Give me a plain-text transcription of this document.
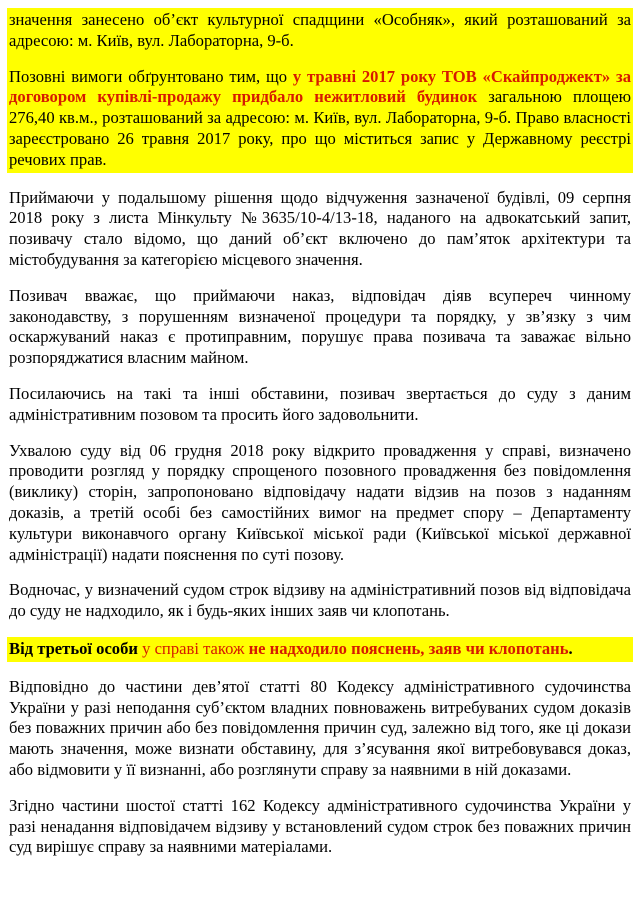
значення занесено об’єкт культурної спадщини «Особняк», який розташований за адресою: м. Київ, вул. Лабораторна, 9-б.

Позовні вимоги обґрунтовано тим, що у травні 2017 року ТОВ «Скайпроджект» за договором купівлі-продажу придбало нежитловий будинок загальною площею 276,40 кв.м., розташований за адресою: м. Київ, вул. Лабораторна, 9-б. Право власності зареєстровано 26 травня 2017 року, про що міститься запис у Державному реєстрі речових прав.

Приймаючи у подальшому рішення щодо відчуження зазначеної будівлі, 09 серпня 2018 року з листа Мінкульту №3635/10-4/13-18, наданого на адвокатський запит, позивачу стало відомо, що даний об’єкт включено до пам’яток архітектури та містобудування за категорією місцевого значення.

Позивач вважає, що приймаючи наказ, відповідач діяв всупереч чинному законодавству, з порушенням визначеної процедури та порядку, у зв’язку з чим оскаржуваний наказ є протиправним, порушує права позивача та заважає вільно розпоряджатися власним майном.

Посилаючись на такі та інші обставини, позивач звертається до суду з даним адміністративним позовом та просить його задовольнити.

Ухвалою суду від 06 грудня 2018 року відкрито провадження у справі, визначено проводити розгляд у порядку спрощеного позовного провадження без повідомлення (виклику) сторін, запропоновано відповідачу надати відзив на позов з наданням доказів, а третій особі без самостійних вимог на предмет спору – Департаменту культури виконавчого органу Київської міської ради (Київської міської державної адміністрації) надати пояснення по суті позову.

Водночас, у визначений судом строк відзиву на адміністративний позов від відповідача до суду не надходило, як і будь-яких інших заяв чи клопотань.

Від третьої особи у справі також не надходило пояснень, заяв чи клопотань.

Відповідно до частини дев’ятої статті 80 Кодексу адміністративного судочинства України у разі неподання суб’єктом владних повноважень витребуваних судом доказів без поважних причин або без повідомлення причин суд, залежно від того, яке ці докази мають значення, може визнати обставину, для з’ясування якої витребовувався доказ, або відмовити у її визнанні, або розглянути справу за наявними в ній доказами.

Згідно частини шостої статті 162 Кодексу адміністративного судочинства України у разі ненадання відповідачем відзиву у встановлений судом строк без поважних причин суд вирішує справу за наявними матеріалами.
